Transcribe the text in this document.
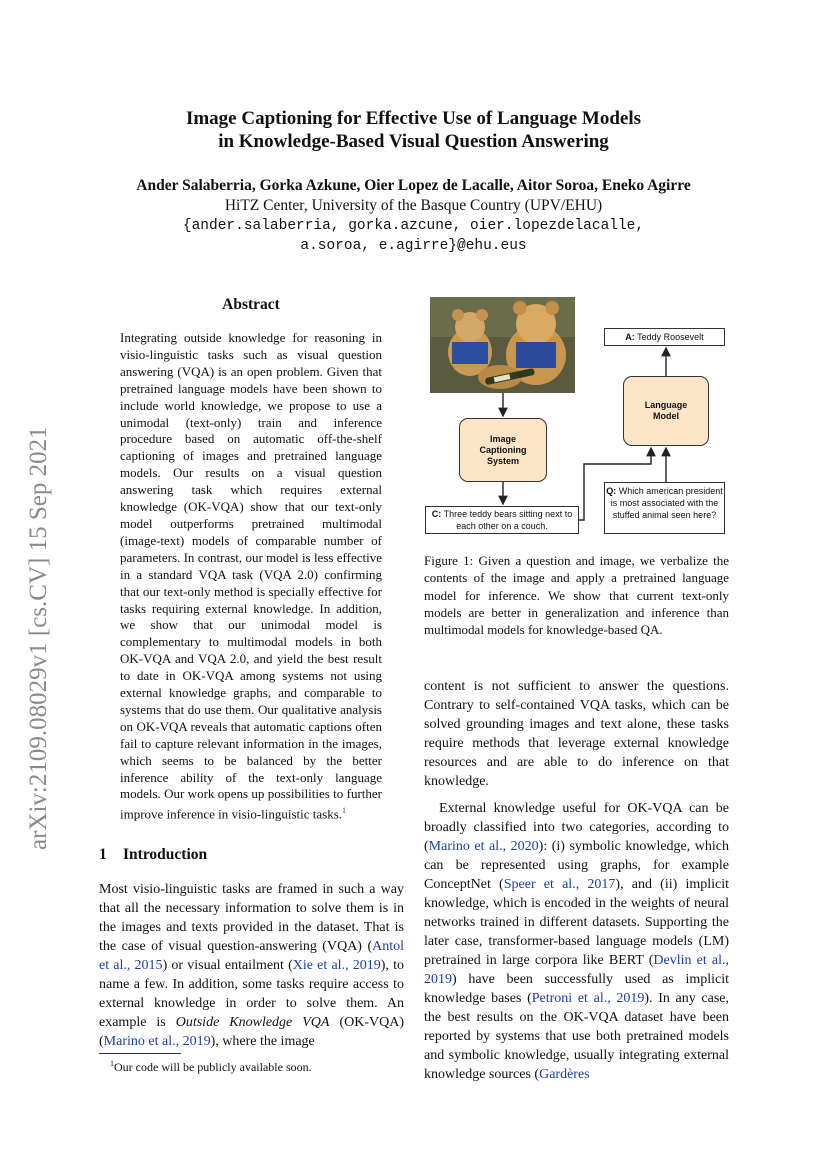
arXiv:2109.08029v1 [cs.CV] 15 Sep 2021
Image Captioning for Effective Use of Language Models
in Knowledge-Based Visual Question Answering
Ander Salaberria, Gorka Azkune, Oier Lopez de Lacalle, Aitor Soroa, Eneko Agirre
HiTZ Center, University of the Basque Country (UPV/EHU)
{ander.salaberria, gorka.azcune, oier.lopezdelacalle,
a.soroa, e.agirre}@ehu.eus
Abstract

Integrating outside knowledge for reasoning in visio-linguistic tasks such as visual question answering (VQA) is an open problem. Given that pretrained language models have been shown to include world knowledge, we propose to use a unimodal (text-only) train and inference procedure based on automatic off-the-shelf captioning of images and pretrained language models. Our results on a visual question answering task which requires external knowledge (OK-VQA) show that our text-only model outperforms pretrained multimodal (image-text) models of comparable number of parameters. In contrast, our model is less effective in a standard VQA task (VQA 2.0) confirming that our text-only method is specially effective for tasks requiring external knowledge. In addition, we show that our unimodal model is complementary to multimodal models in both OK-VQA and VQA 2.0, and yield the best result to date in OK-VQA among systems not using external knowledge graphs, and comparable to systems that do use them. Our qualitative analysis on OK-VQA reveals that automatic captions often fail to capture relevant information in the images, which seems to be balanced by the better inference ability of the text-only language models. Our work opens up possibilities to further improve inference in visio-linguistic tasks.$^1$

1 Introduction

Most visio-linguistic tasks are framed in such a way that all the necessary information to solve them is in the images and texts provided in the dataset. That is the case of visual question-answering (VQA) (Antol et al., 2015) or visual entailment (Xie et al., 2019), to name a few. In addition, some tasks require access to external knowledge in order to solve them. An example is Outside Knowledge VQA (OK-VQA) (Marino et al., 2019), where the image

$^1$Our code will be publicly available soon.
A: Teddy Roosevelt
Language Model
Image Captioning System
C: Three teddy bears sitting next to each other on a couch.
Q: Which american president is most associated with the stuffed animal seen here?

Figure 1: Given a question and image, we verbalize the contents of the image and apply a pretrained language model for inference. We show that current text-only models are better in generalization and inference than multimodal models for knowledge-based QA.

content is not sufficient to answer the questions. Contrary to self-contained VQA tasks, which can be solved grounding images and text alone, these tasks require methods that leverage external knowledge resources and are able to do inference on that knowledge.

External knowledge useful for OK-VQA can be broadly classified into two categories, according to (Marino et al., 2020): (i) symbolic knowledge, which can be represented using graphs, for example ConceptNet (Speer et al., 2017), and (ii) implicit knowledge, which is encoded in the weights of neural networks trained in different datasets. Supporting the later case, transformer-based language models (LM) pretrained in large corpora like BERT (Devlin et al., 2019) have been successfully used as implicit knowledge bases (Petroni et al., 2019). In any case, the best results on the OK-VQA dataset have been reported by systems that use both pretrained models and symbolic knowledge, usually integrating external knowledge sources (Gardères
